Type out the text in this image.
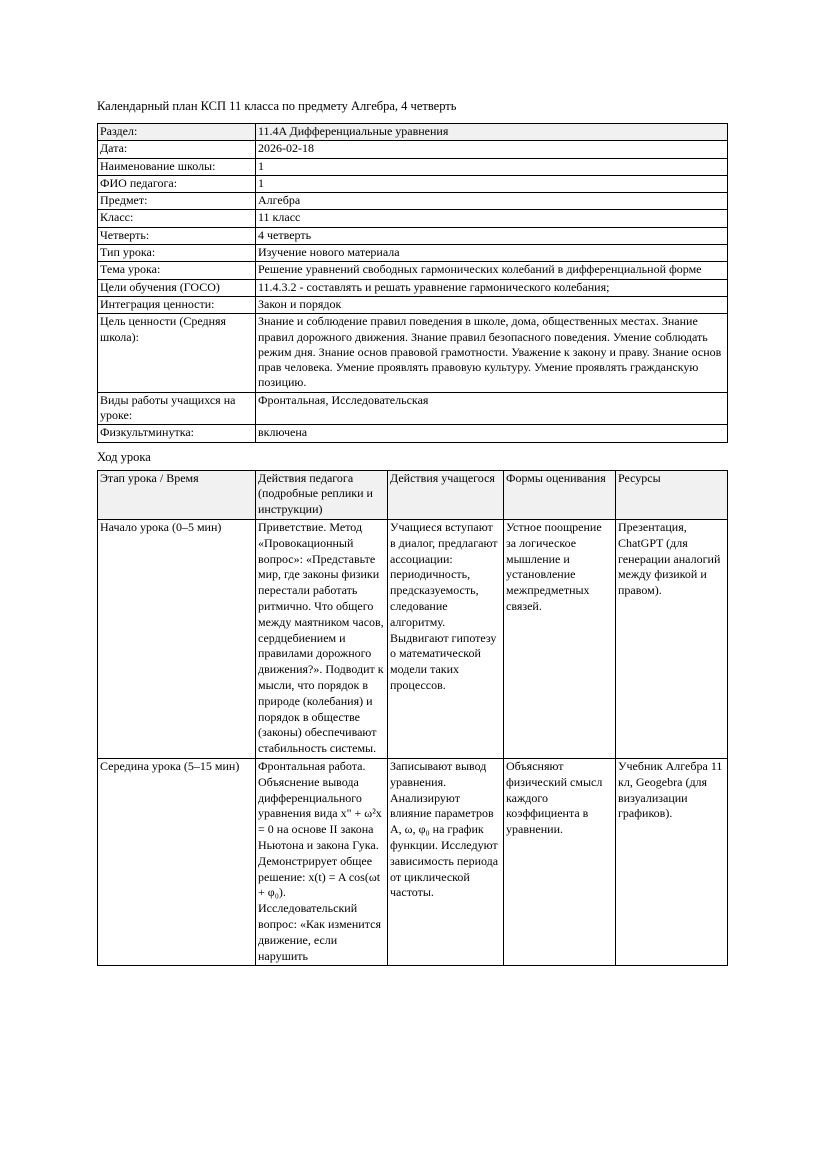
Календарный план КСП 11 класса по предмету Алгебра, 4 четверть
Раздел:	11.4A Дифференциальные уравнения
Дата:	2026-02-18
Наименование школы:	1
ФИО педагога:	1
Предмет:	Алгебра
Класс:	11 класс
Четверть:	4 четверть
Тип урока:	Изучение нового материала
Тема урока:	Решение уравнений свободных гармонических колебаний в дифференциальной форме
Цели обучения (ГОСО)	11.4.3.2 - составлять и решать уравнение гармонического колебания;
Интеграция ценности:	Закон и порядок
Цель ценности (Средняя школа):	Знание и соблюдение правил поведения в школе, дома, общественных местах. Знание правил дорожного движения. Знание правил безопасного поведения. Умение соблюдать режим дня. Знание основ правовой грамотности. Уважение к закону и праву. Знание основ прав человека. Умение проявлять правовую культуру. Умение проявлять гражданскую позицию.
Виды работы учащихся на уроке:	Фронтальная, Исследовательская
Физкультминутка:	включена
Ход урока
Этап урока / Время	Действия педагога (подробные реплики и инструкции)	Действия учащегося	Формы оценивания	Ресурсы
Начало урока (0–5 мин)	Приветствие. Метод «Провокационный вопрос»: «Представьте мир, где законы физики перестали работать ритмично. Что общего между маятником часов, сердцебиением и правилами дорожного движения?». Подводит к мысли, что порядок в природе (колебания) и порядок в обществе (законы) обеспечивают стабильность системы.	Учащиеся вступают в диалог, предлагают ассоциации: периодичность, предсказуемость, следование алгоритму. Выдвигают гипотезу о математической модели таких процессов.	Устное поощрение за логическое мышление и установление межпредметных связей.	Презентация, ChatGPT (для генерации аналогий между физикой и правом).
Середина урока (5–15 мин)	Фронтальная работа. Объяснение вывода дифференциального уравнения вида x" + ω²x = 0 на основе II закона Ньютона и закона Гука. Демонстрирует общее решение: x(t) = A cos(ωt + φ₀). Исследовательский вопрос: «Как изменится движение, если нарушить	Записывают вывод уравнения. Анализируют влияние параметров A, ω, φ₀ на график функции. Исследуют зависимость периода от циклической частоты.	Объясняют физический смысл каждого коэффициента в уравнении.	Учебник Алгебра 11 кл, Geogebra (для визуализации графиков).
